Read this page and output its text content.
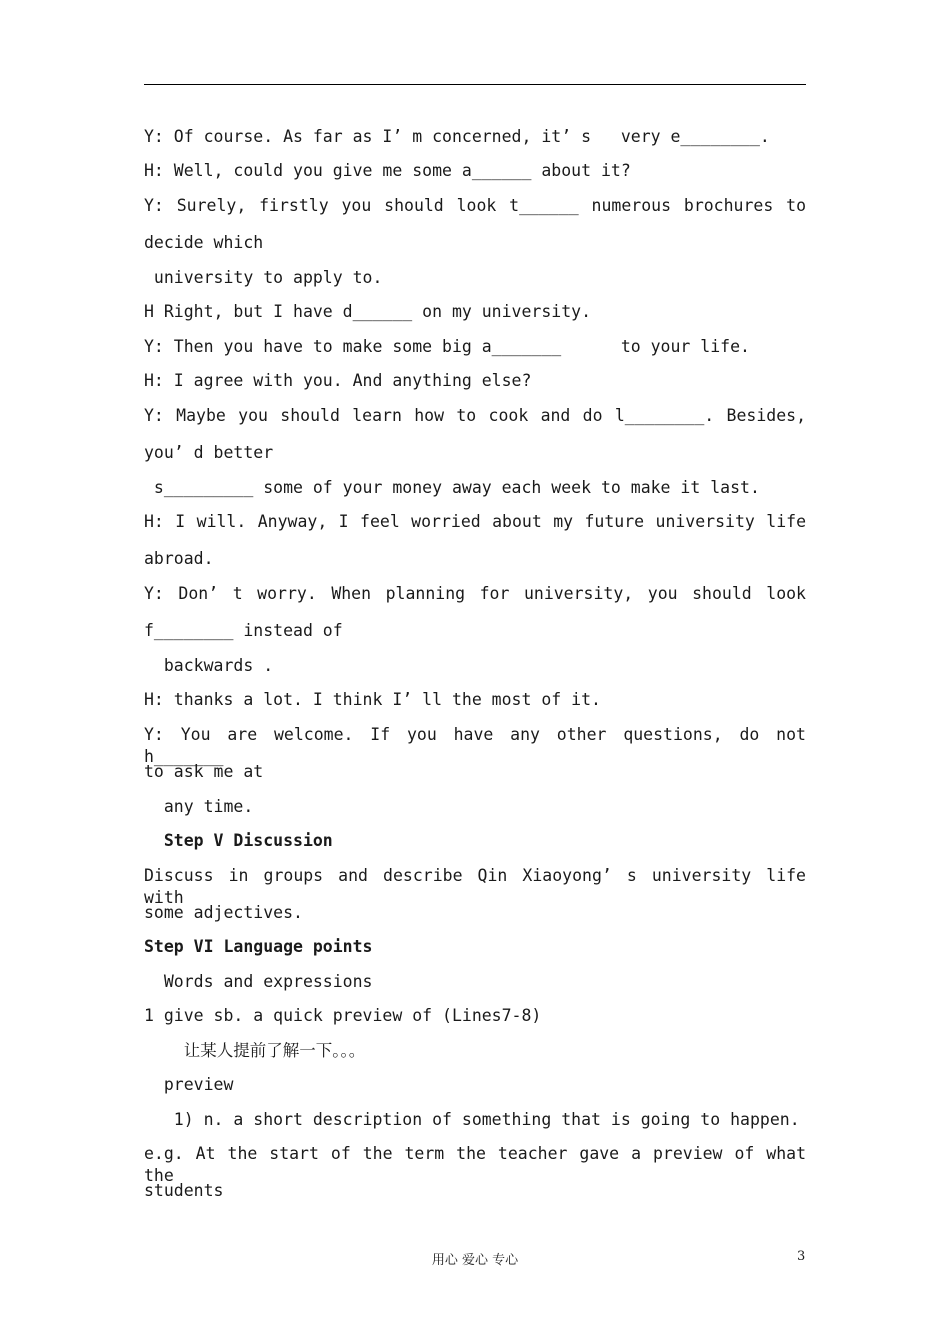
Y: Of course. As far as I’ m concerned, it’ s   very e________.
H: Well, could you give me some a______ about it?
Y: Surely, firstly you should look t______ numerous brochures to
decide which
university to apply to.
H Right, but I have d______ on my university.
Y: Then you have to make some big a_______      to your life.
H: I agree with you. And anything else?
Y: Maybe you should learn how to cook and do l________. Besides,
you’ d better
s_________ some of your money away each week to make it last.
H: I will. Anyway, I feel worried about my future university life
abroad.
Y: Don’ t worry. When planning for university, you should look
f________ instead of
backwards .
H: thanks a lot. I think I’ ll the most of it.
Y: You are welcome. If you have any other questions, do not h_______
to ask me at
any time.
Step V Discussion
Discuss in groups and describe Qin Xiaoyong’ s university life with
some adjectives.
Step VI Language points
Words and expressions
1 give sb. a quick preview of (Lines7-8)
让某人提前了解一下。。。
preview
1) n. a short description of something that is going to happen.
e.g. At the start of the term the teacher gave a preview of what the
students
用心 爱心 专心	3
